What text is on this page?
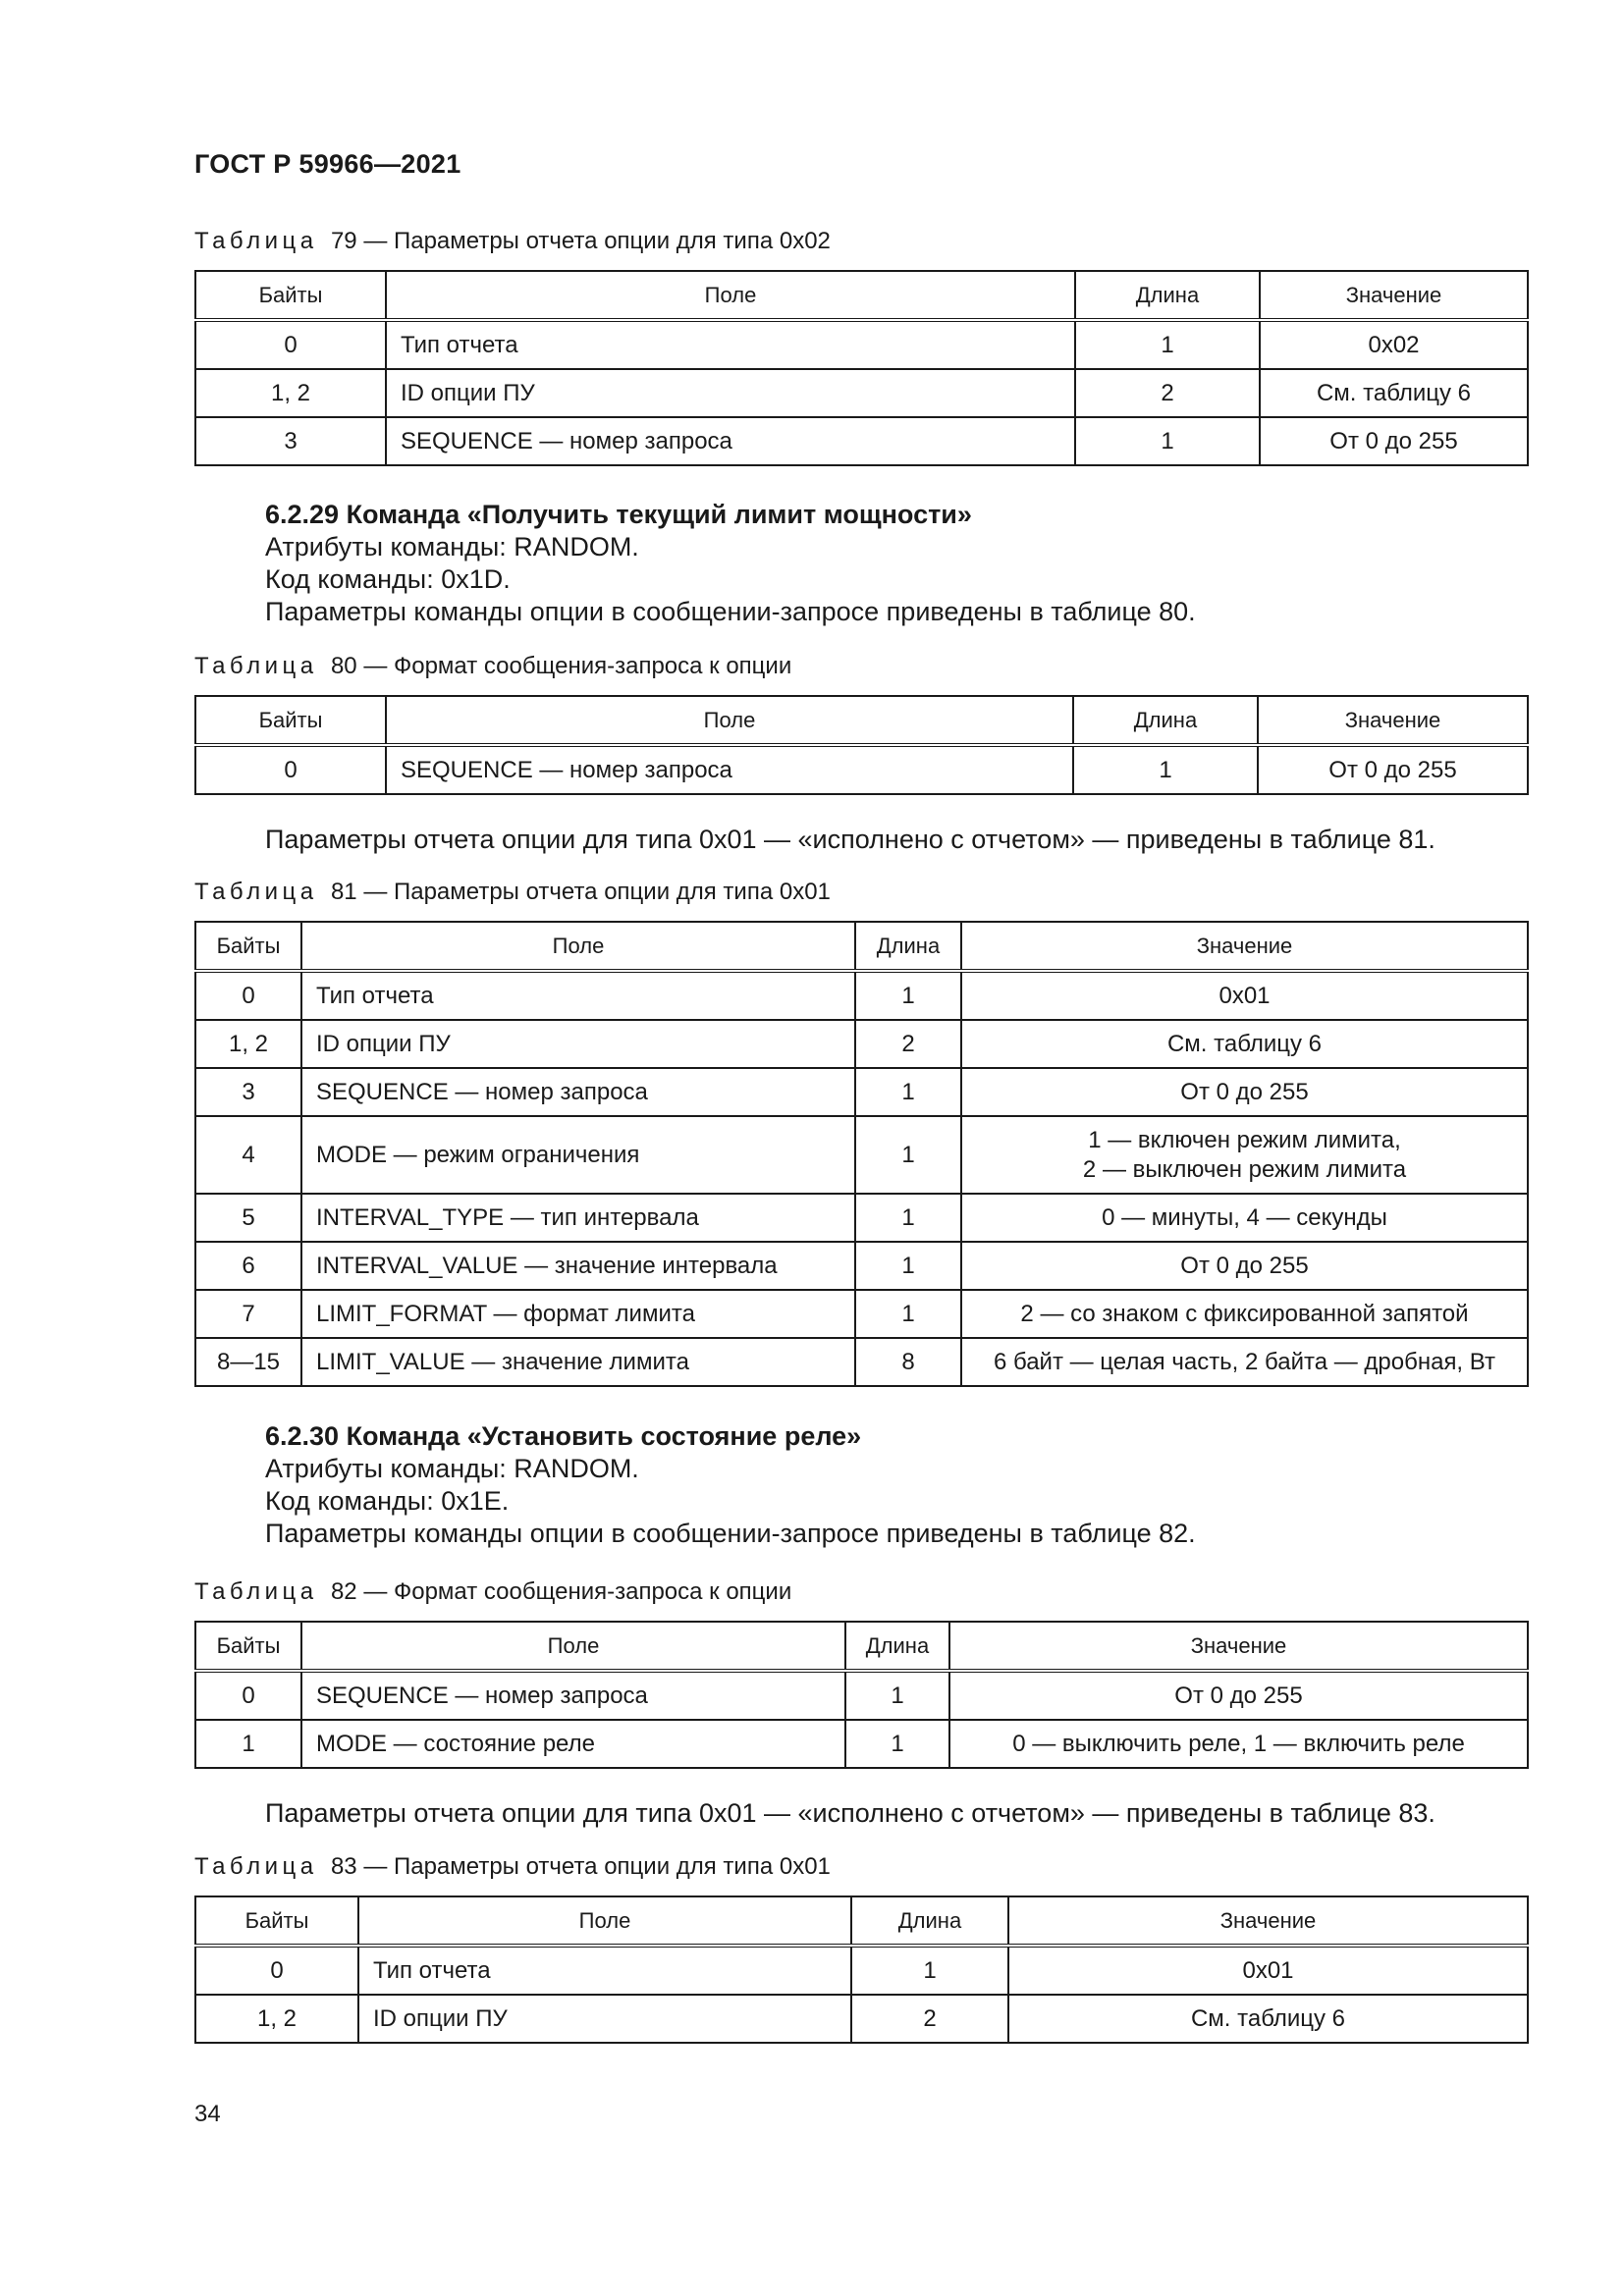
ГОСТ Р 59966—2021
Таблица 79 — Параметры отчета опции для типа 0x02
Байты	Поле	Длина	Значение
0	Тип отчета	1	0x02
1, 2	ID опции ПУ	2	См. таблицу 6
3	SEQUENCE — номер запроса	1	От 0 до 255
6.2.29 Команда «Получить текущий лимит мощности»
Атрибуты команды: RANDOM.
Код команды: 0x1D.
Параметры команды опции в сообщении-запросе приведены в таблице 80.
Таблица 80 — Формат сообщения-запроса к опции
Байты	Поле	Длина	Значение
0	SEQUENCE — номер запроса	1	От 0 до 255
Параметры отчета опции для типа 0x01 — «исполнено с отчетом» — приведены в таблице 81.
Таблица 81 — Параметры отчета опции для типа 0x01
Байты	Поле	Длина	Значение
0	Тип отчета	1	0x01
1, 2	ID опции ПУ	2	См. таблицу 6
3	SEQUENCE — номер запроса	1	От 0 до 255
4	MODE — режим ограничения	1	1 — включен режим лимита,
2 — выключен режим лимита
5	INTERVAL_TYPE — тип интервала	1	0 — минуты, 4 — секунды
6	INTERVAL_VALUE — значение интервала	1	От 0 до 255
7	LIMIT_FORMAT — формат лимита	1	2 — со знаком с фиксированной запятой
8—15	LIMIT_VALUE — значение лимита	8	6 байт — целая часть, 2 байта — дробная, Вт
6.2.30 Команда «Установить состояние реле»
Атрибуты команды: RANDOM.
Код команды: 0x1E.
Параметры команды опции в сообщении-запросе приведены в таблице 82.
Таблица 82 — Формат сообщения-запроса к опции
Байты	Поле	Длина	Значение
0	SEQUENCE — номер запроса	1	От 0 до 255
1	MODE — состояние реле	1	0 — выключить реле, 1 — включить реле
Параметры отчета опции для типа 0x01 — «исполнено с отчетом» — приведены в таблице 83.
Таблица 83 — Параметры отчета опции для типа 0x01
Байты	Поле	Длина	Значение
0	Тип отчета	1	0x01
1, 2	ID опции ПУ	2	См. таблицу 6
34
